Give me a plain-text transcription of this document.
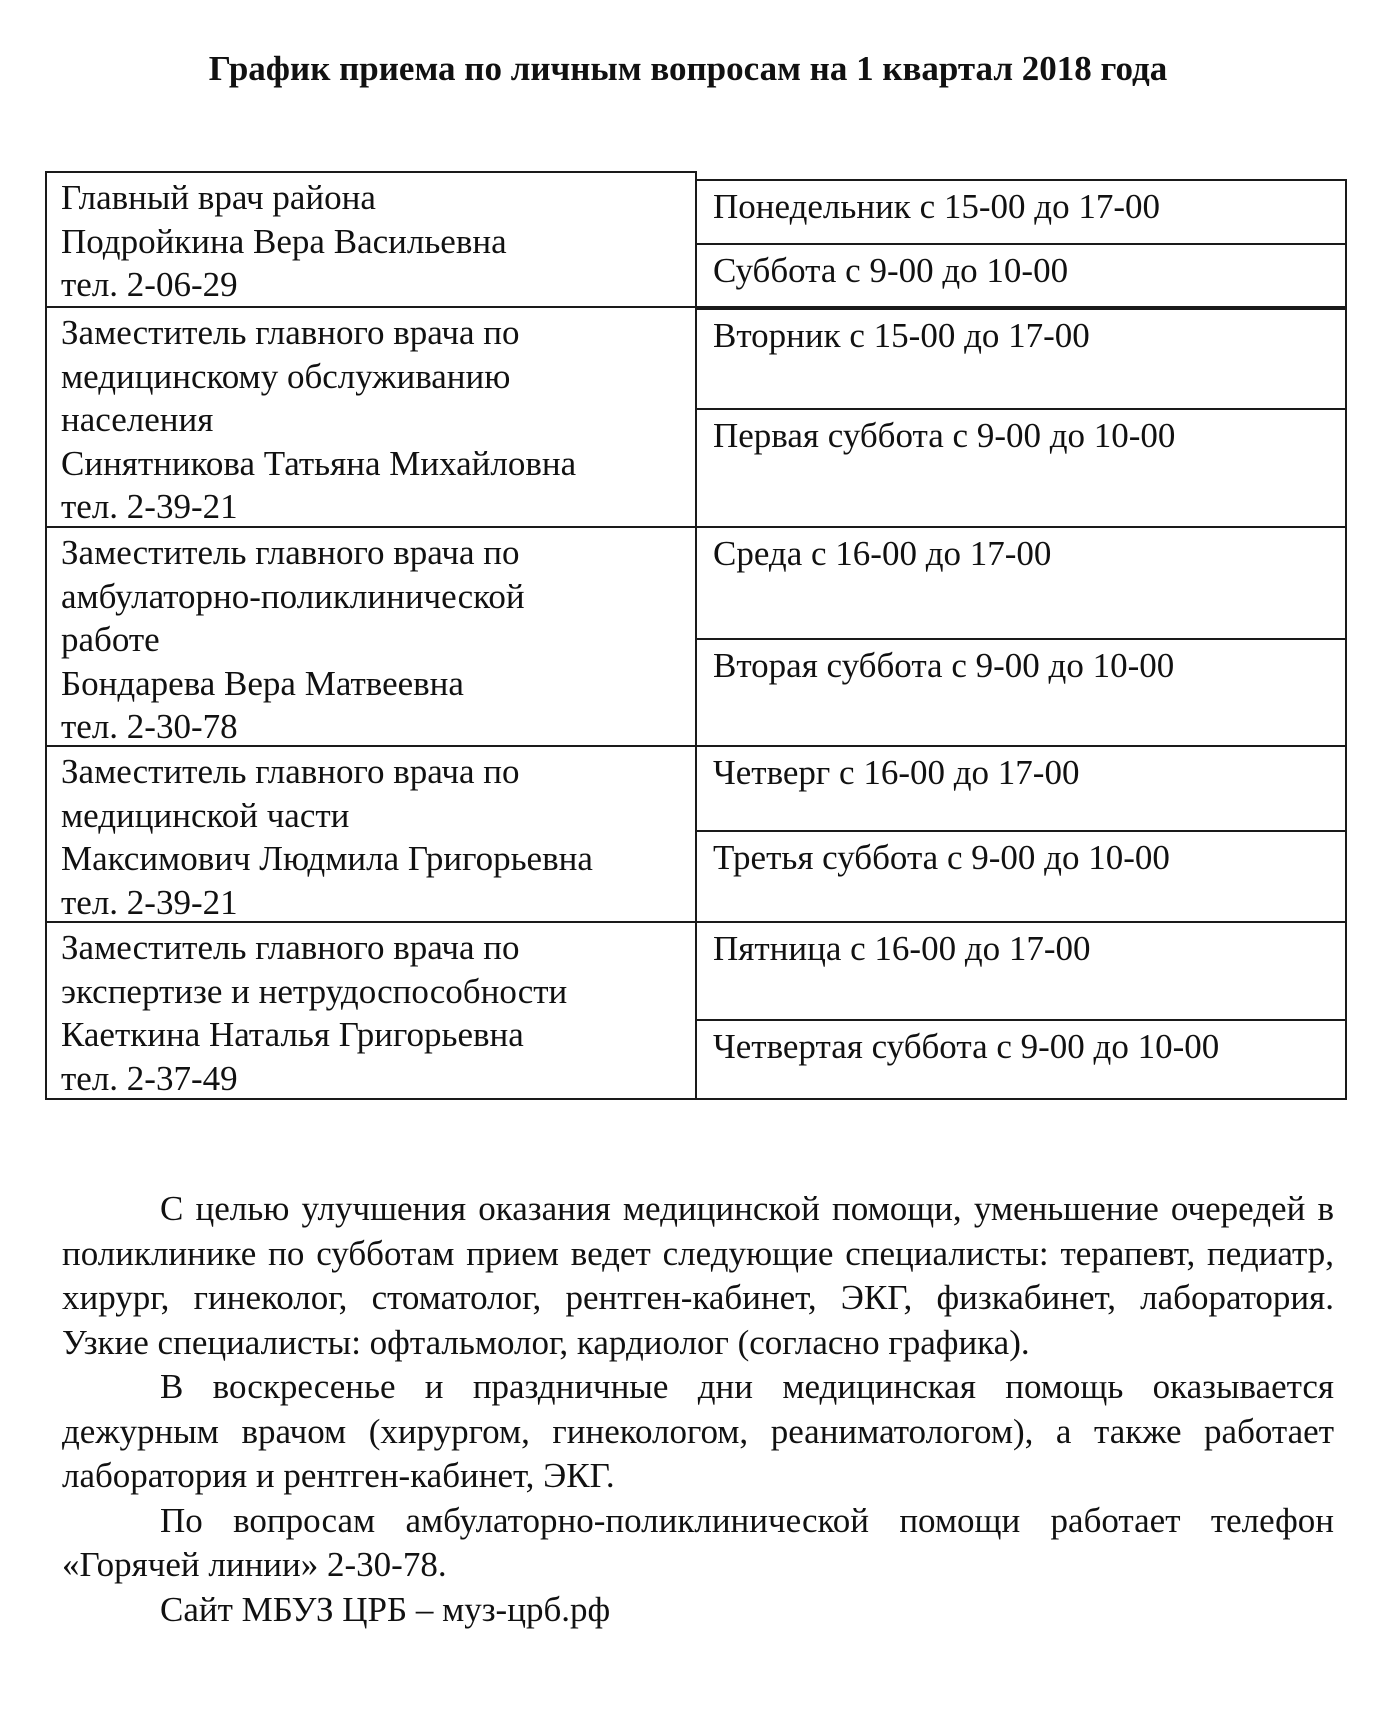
График приема по личным вопросам на 1 квартал 2018 года
Главный врач района
Подройкина Вера Васильевна
тел. 2-06-29
Понедельник с 15-00 до 17-00
Суббота с 9-00 до 10-00
Заместитель главного врача по
медицинскому обслуживанию
населения
Синятникова Татьяна Михайловна
тел. 2-39-21
Вторник с 15-00 до 17-00
Первая суббота с 9-00 до 10-00
Заместитель главного врача по
амбулаторно-поликлинической
работе
Бондарева Вера Матвеевна
тел. 2-30-78
Среда с 16-00 до 17-00
Вторая суббота с 9-00 до 10-00
Заместитель главного врача по
медицинской части
Максимович Людмила Григорьевна
тел. 2-39-21
Четверг с 16-00 до 17-00
Третья суббота с 9-00 до 10-00
Заместитель главного врача по
экспертизе и нетрудоспособности
Каеткина Наталья Григорьевна
тел. 2-37-49
Пятница с 16-00 до 17-00
Четвертая суббота с 9-00 до 10-00

С целью улучшения оказания медицинской помощи, уменьшение очередей в поликлинике по субботам прием ведет следующие специалисты: терапевт, педиатр, хирург, гинеколог, стоматолог, рентген-кабинет, ЭКГ, физкабинет, лаборатория. Узкие специалисты: офтальмолог, кардиолог (согласно графика).

В воскресенье и праздничные дни медицинская помощь оказывается дежурным врачом (хирургом, гинекологом, реаниматологом), а также работает лаборатория и рентген-кабинет, ЭКГ.

По вопросам амбулаторно-поликлинической помощи работает телефон «Горячей линии» 2-30-78.

Сайт МБУЗ ЦРБ – муз-црб.рф
